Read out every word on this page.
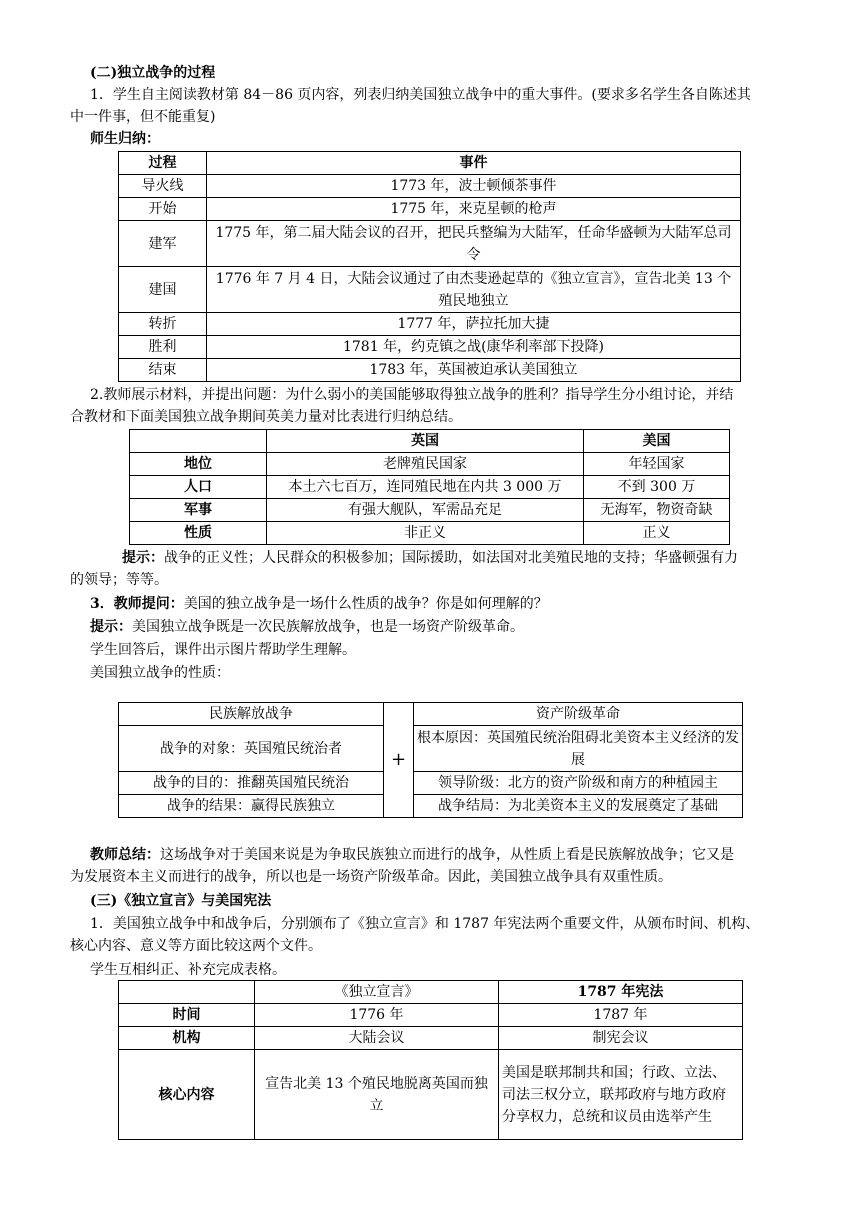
(二)独立战争的过程
1．学生自主阅读教材第 84－86 页内容，列表归纳美国独立战争中的重大事件。(要求多名学生各自陈述其
中一件事，但不能重复)
师生归纳：
过程	事件
导火线	1773 年，波士顿倾茶事件
开始	1775 年，来克星顿的枪声
建军	1775 年，第二届大陆会议的召开，把民兵整编为大陆军，任命华盛顿为大陆军总司令
建国	1776 年 7 月 4 日，大陆会议通过了由杰斐逊起草的《独立宣言》，宣告北美 13 个殖民地独立
转折	1777 年，萨拉托加大捷
胜利	1781 年，约克镇之战(康华利率部下投降)
结束	1783 年，英国被迫承认美国独立
2.教师展示材料，并提出问题：为什么弱小的美国能够取得独立战争的胜利？指导学生分小组讨论，并结
合教材和下面美国独立战争期间英美力量对比表进行归纳总结。
	英国	美国
地位	老牌殖民国家	年轻国家
人口	本土六七百万，连同殖民地在内共 3 000 万	不到 300 万
军事	有强大舰队，军需品充足	无海军，物资奇缺
性质	非正义	正义
提示：战争的正义性；人民群众的积极参加；国际援助，如法国对北美殖民地的支持；华盛顿强有力
的领导；等等。
3．教师提问：美国的独立战争是一场什么性质的战争？你是如何理解的？
提示：美国独立战争既是一次民族解放战争，也是一场资产阶级革命。
学生回答后，课件出示图片帮助学生理解。
美国独立战争的性质：
民族解放战争	+	资产阶级革命
战争的对象：英国殖民统治者		根本原因：英国殖民统治阻碍北美资本主义经济的发展
战争的目的：推翻英国殖民统治		领导阶级：北方的资产阶级和南方的种植园主
战争的结果：赢得民族独立		战争结局：为北美资本主义的发展奠定了基础
教师总结：这场战争对于美国来说是为争取民族独立而进行的战争，从性质上看是民族解放战争；它又是
为发展资本主义而进行的战争，所以也是一场资产阶级革命。因此，美国独立战争具有双重性质。
(三)《独立宣言》与美国宪法
1．美国独立战争中和战争后，分别颁布了《独立宣言》和 1787 年宪法两个重要文件，从颁布时间、机构、
核心内容、意义等方面比较这两个文件。
学生互相纠正、补充完成表格。
	《独立宣言》	1787 年宪法
时间	1776 年	1787 年
机构	大陆会议	制宪会议
核心内容	宣告北美 13 个殖民地脱离英国而独立	美国是联邦制共和国；行政、立法、司法三权分立，联邦政府与地方政府分享权力，总统和议员由选举产生
